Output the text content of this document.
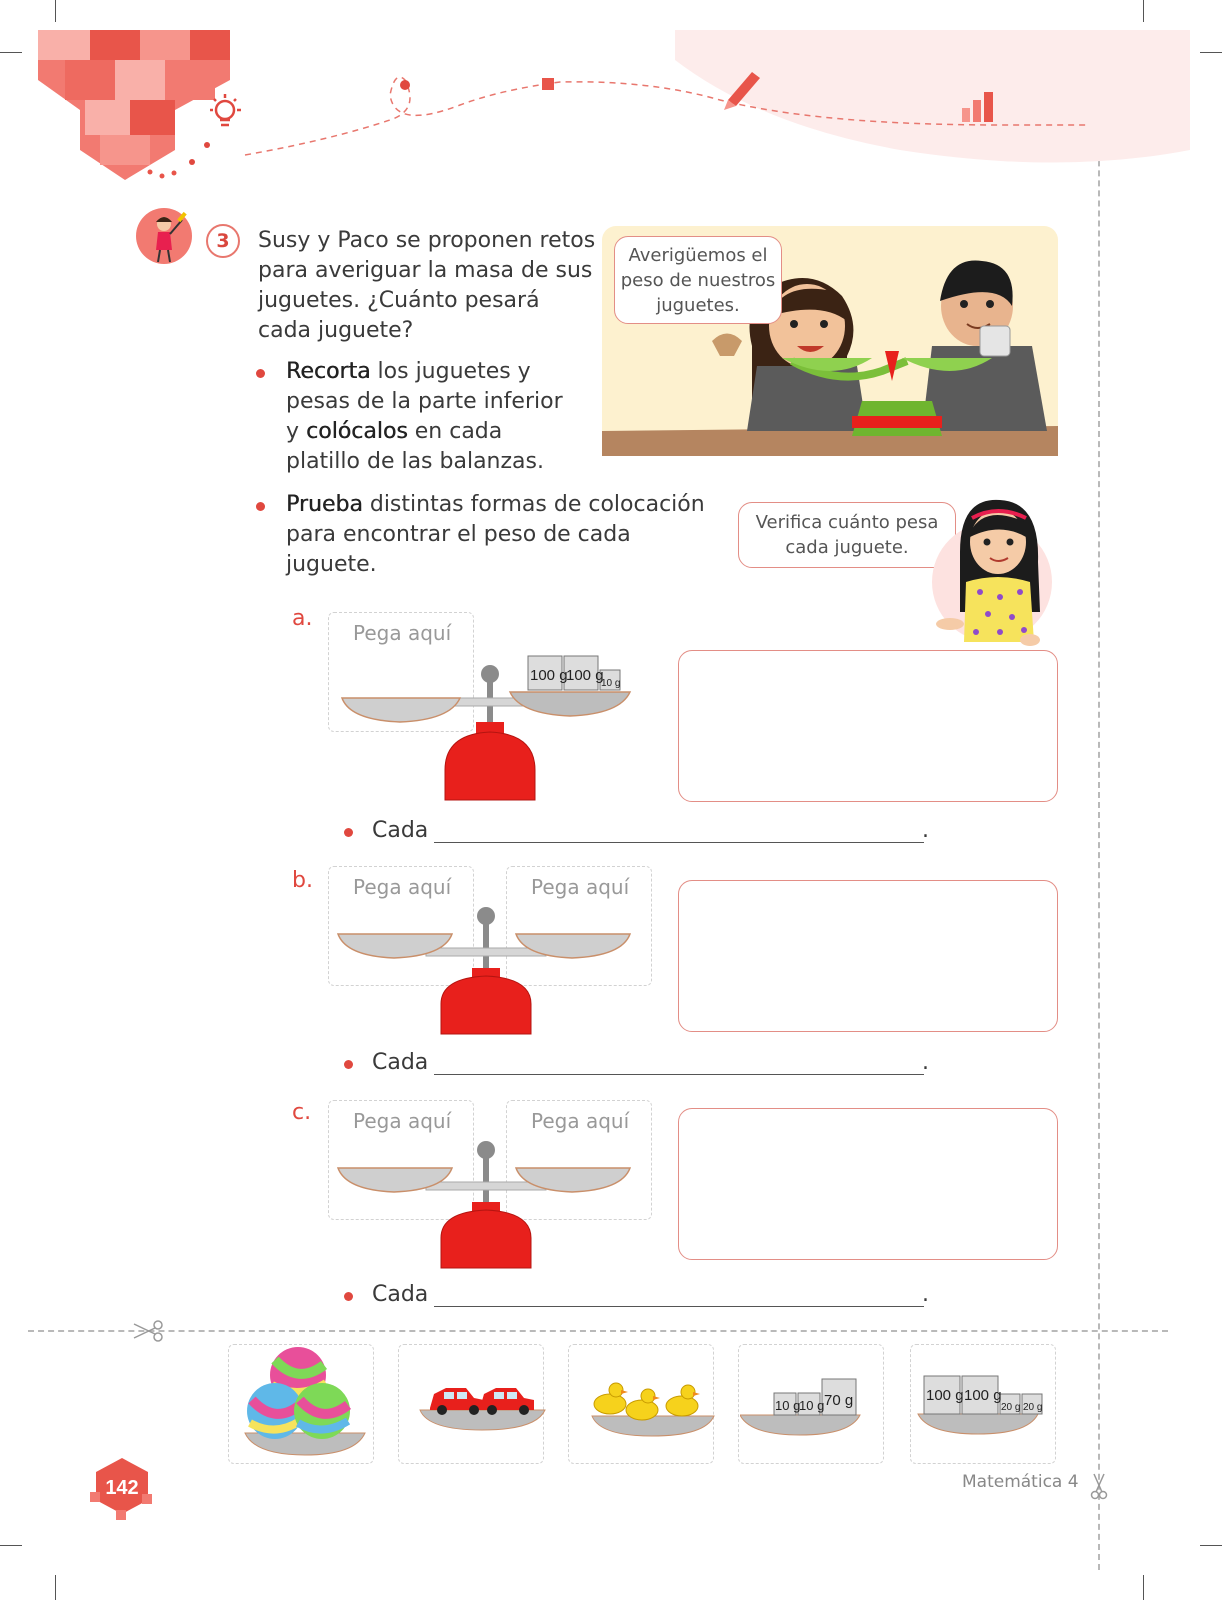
3	Susy y Paco se proponen retos para averiguar la masa de sus juguetes. ¿Cuánto pesará cada juguete?
Recorta los juguetes y pesas de la parte inferior y colócalos en cada platillo de las balanzas.
Prueba distintas formas de colocación para encontrar el peso de cada juguete.
Averigüemos el peso de nuestros juguetes.
Verifica cuánto pesa cada juguete.
a.
Pega aquí
100 g
100 g
10 g
Cada	.
b. Pega aquí	Pega aquí
Cada	.
c. Pega aquí	Pega aquí
Cada	.
10 g
10 g 70 g	100 g 100 g
20 g 20 g
142	Matemática 4
